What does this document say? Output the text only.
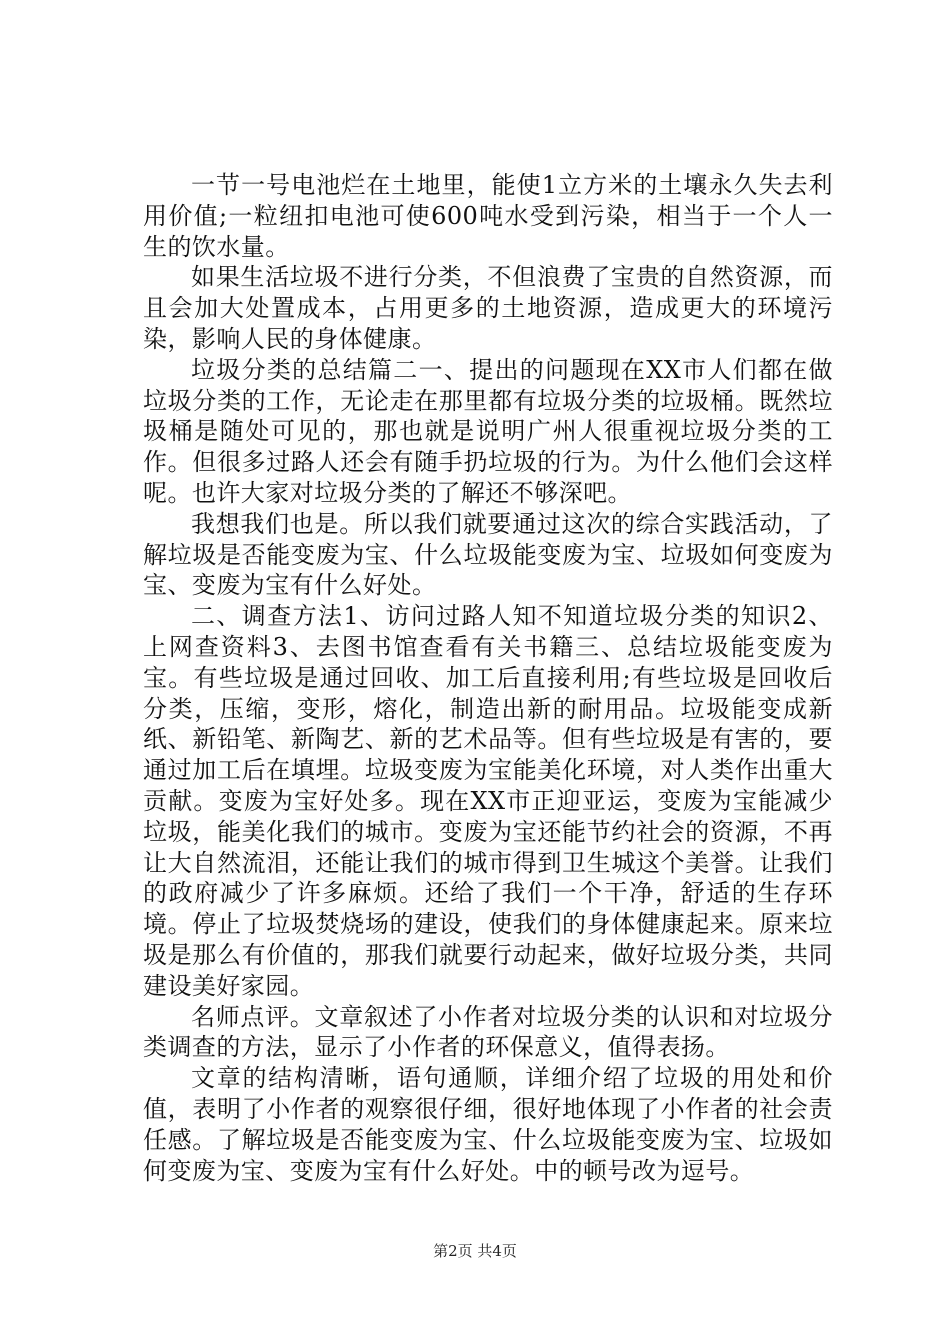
一节一号电池烂在土地里，能使1立方米的土壤永久失去利用价值;一粒纽扣电池可使600吨水受到污染，相当于一个人一生的饮水量。

如果生活垃圾不进行分类，不但浪费了宝贵的自然资源，而且会加大处置成本，占用更多的土地资源，造成更大的环境污染，影响人民的身体健康。

垃圾分类的总结篇二一、提出的问题现在XX市人们都在做垃圾分类的工作，无论走在那里都有垃圾分类的垃圾桶。既然垃圾桶是随处可见的，那也就是说明广州人很重视垃圾分类的工作。但很多过路人还会有随手扔垃圾的行为。为什么他们会这样呢。也许大家对垃圾分类的了解还不够深吧。

我想我们也是。所以我们就要通过这次的综合实践活动，了解垃圾是否能变废为宝、什么垃圾能变废为宝、垃圾如何变废为宝、变废为宝有什么好处。

二、调查方法1、访问过路人知不知道垃圾分类的知识2、上网查资料3、去图书馆查看有关书籍三、总结垃圾能变废为宝。有些垃圾是通过回收、加工后直接利用;有些垃圾是回收后分类，压缩，变形，熔化，制造出新的耐用品。垃圾能变成新纸、新铅笔、新陶艺、新的艺术品等。但有些垃圾是有害的，要通过加工后在填埋。垃圾变废为宝能美化环境，对人类作出重大贡献。变废为宝好处多。现在XX市正迎亚运，变废为宝能减少垃圾，能美化我们的城市。变废为宝还能节约社会的资源，不再让大自然流泪，还能让我们的城市得到卫生城这个美誉。让我们的政府减少了许多麻烦。还给了我们一个干净，舒适的生存环境。停止了垃圾焚烧场的建设，使我们的身体健康起来。原来垃圾是那么有价值的，那我们就要行动起来，做好垃圾分类，共同建设美好家园。

名师点评。文章叙述了小作者对垃圾分类的认识和对垃圾分类调查的方法，显示了小作者的环保意义，值得表扬。

文章的结构清晰，语句通顺，详细介绍了垃圾的用处和价值，表明了小作者的观察很仔细，很好地体现了小作者的社会责任感。了解垃圾是否能变废为宝、什么垃圾能变废为宝、垃圾如何变废为宝、变废为宝有什么好处。中的顿号改为逗号。

第2页 共4页
